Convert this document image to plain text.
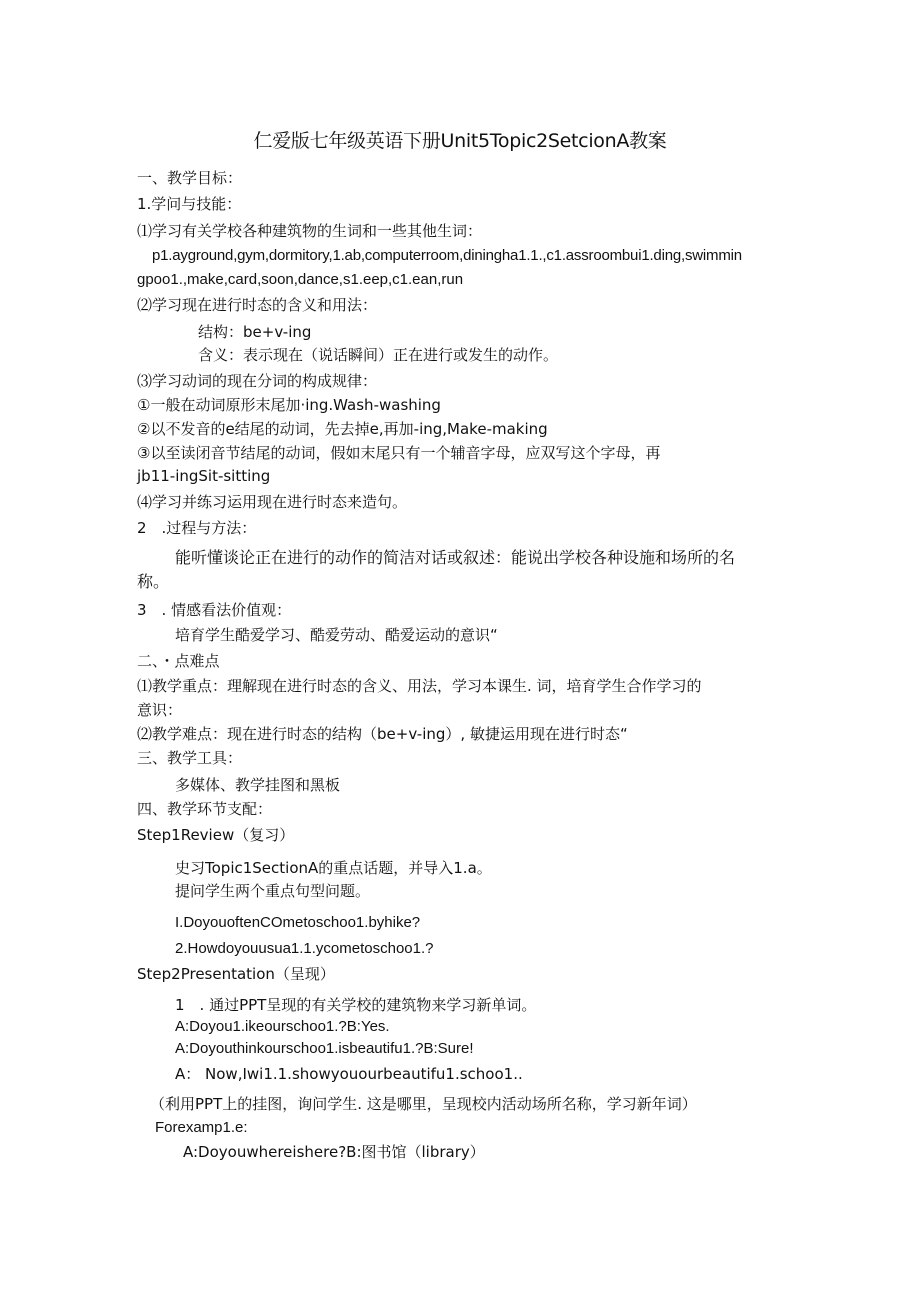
仁爱版七年级英语下册Unit5Topic2SetcionA教案
一、教学目标：
1.学问与技能：
⑴学习有关学校各种建筑物的生词和一些其他生词：
p1.ayground,gym,dormitory,1.ab,computerroom,dininghа1.1.,c1.assroombui1.ding,swimmin
gpoo1.,make,card,soon,dance,s1.eep,c1.ean,run
⑵学习现在进行时态的含义和用法：
结构：be+v-ing
含义：表示现在（说话瞬间）正在进行或发生的动作。
⑶学习动词的现在分词的构成规律：
①一般在动词原形末尾加·ing.Wash-washing
②以不发音的e结尾的动词，先去掉e,再加-ing,Make-making
③以至读闭音节结尾的动词，假如末尾只有一个辅音字母，应双写这个字母，再
jb11-ingSit-sitting
⑷学习并练习运用现在进行时态来造句。
2　.过程与方法：
能听懂谈论正在进行的动作的简洁对话或叙述：能说出学校各种设施和场所的名
称。
3　. 情感看法价值观：
培育学生酷爱学习、酷爱劳动、酷爱运动的意识“
二、・点难点
⑴教学重点：理解现在进行时态的含义、用法，学习本课生. 词，培育学生合作学习的
意识：
⑵教学难点：现在进行时态的结构（be+v-ing）, 敏捷运用现在进行时态“
三、教学工具：
多媒体、教学挂图和黑板
四、教学环节支配：
Step1Review（复习）
史习Topic1SectionA的重点话题，并导入1.a。
提问学生两个重点句型问题。
I.DoyouoftenCOmetoschoo1.byhike?
2.Howdoyouusua1.1.ycometoschoo1.?
Step2Presentation（呈现）
1　. 通过PPT呈现的有关学校的建筑物来学习新单词。
A:Doyou1.ikeourschoo1.?B:Yes.
A:Doyouthinkourschoo1.isbeautifu1.?B:Sure!
A： Now,Iwi1.1.showyouourbeautifu1.schoo1..
（利用PPT上的挂图，询问学生. 这是哪里，呈现校内活动场所名称，学习新年词）
Forexamp1.e:
A:Doyouwhereishere?B:图书馆（library）
